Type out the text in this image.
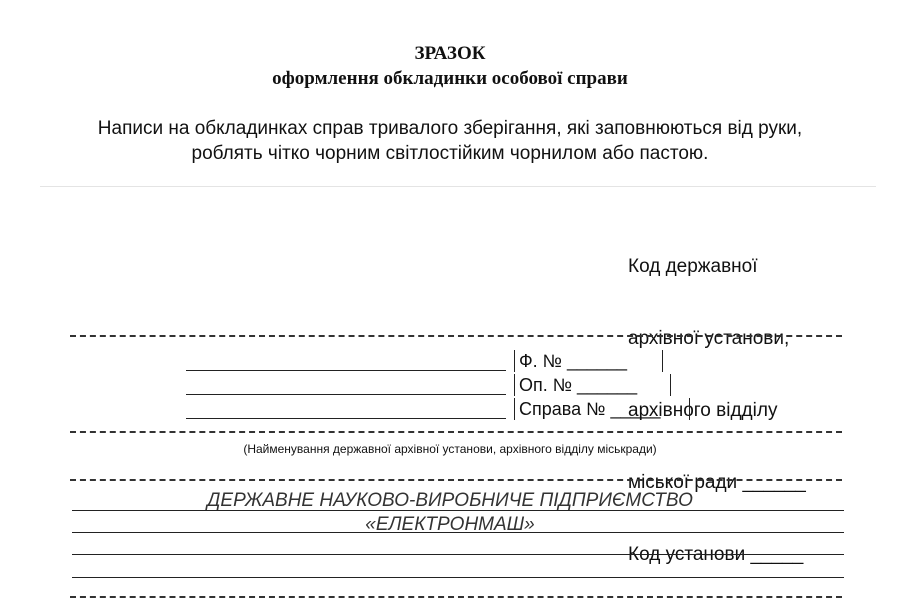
ЗРАЗОК
оформлення обкладинки особової справи
Написи на обкладинках справ тривалого зберігання, які заповнюються від руки,
роблять чітко чорним світлостійким чорнилом або пастою.

Код державної

архівної установи,

архівного відділу

міської ради ______

Код установи _____

Ф. № ______
Оп. № ______
Справа № _____
(Найменування державної архівної установи, архівного відділу міськради)
ДЕРЖАВНЕ НАУКОВО-ВИРОБНИЧЕ ПІДПРИЄМСТВО
«ЕЛЕКТРОНМАШ»
